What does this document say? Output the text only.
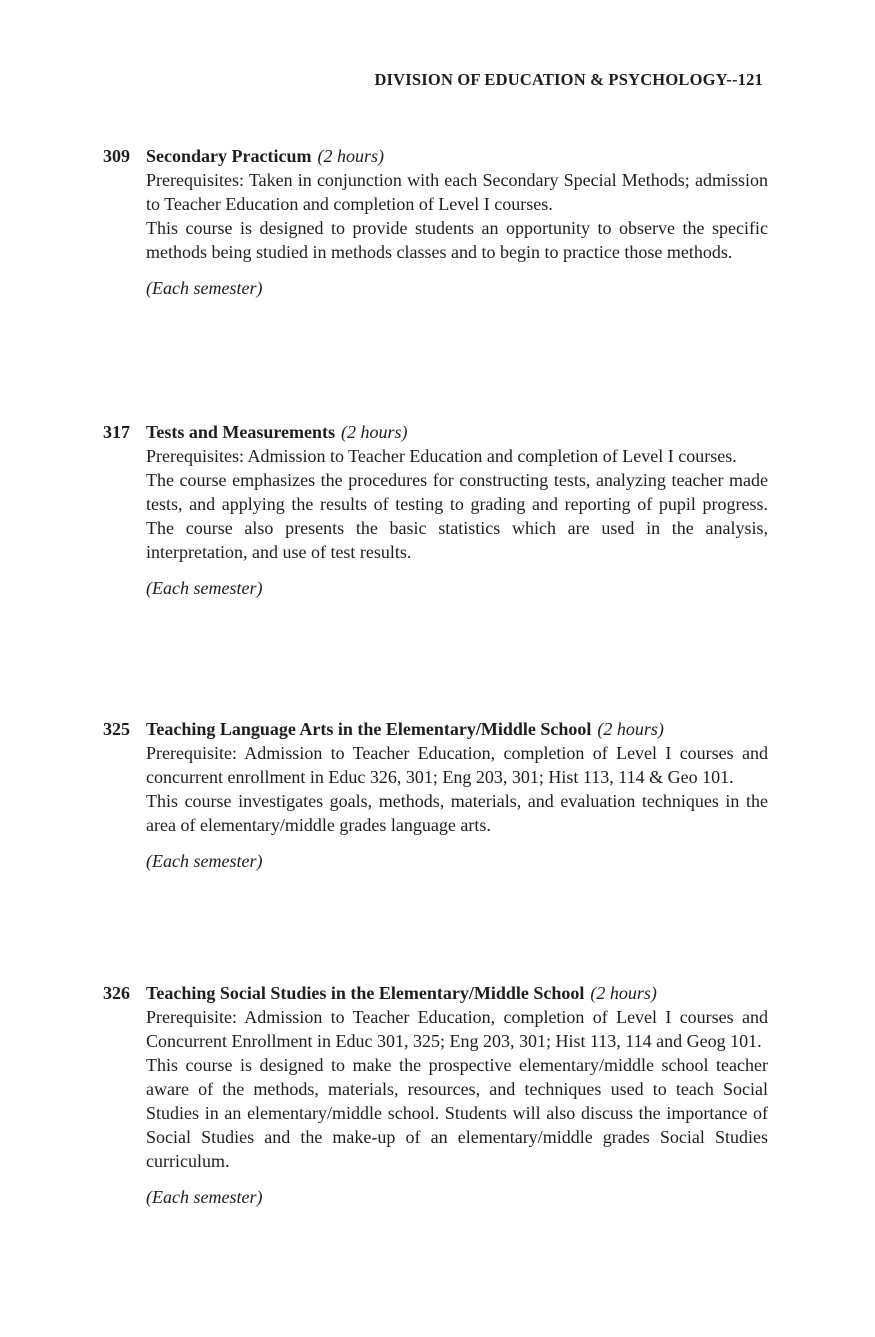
DIVISION OF EDUCATION & PSYCHOLOGY--121
309 Secondary Practicum (2 hours)

Prerequisites: Taken in conjunction with each Secondary Special Methods; admission to Teacher Education and completion of Level I courses.

This course is designed to provide students an opportunity to observe the specific methods being studied in methods classes and to begin to practice those methods.

(Each semester)
317 Tests and Measurements (2 hours)

Prerequisites: Admission to Teacher Education and completion of Level I courses.

The course emphasizes the procedures for constructing tests, analyzing teacher made tests, and applying the results of testing to grading and reporting of pupil progress. The course also presents the basic statistics which are used in the analysis, interpretation, and use of test results.

(Each semester)
325 Teaching Language Arts in the Elementary/Middle School (2 hours)

Prerequisite: Admission to Teacher Education, completion of Level I courses and concurrent enrollment in Educ 326, 301; Eng 203, 301; Hist 113, 114 & Geo 101.

This course investigates goals, methods, materials, and evaluation techniques in the area of elementary/middle grades language arts.

(Each semester)
326 Teaching Social Studies in the Elementary/Middle School (2 hours)

Prerequisite: Admission to Teacher Education, completion of Level I courses and Concurrent Enrollment in Educ 301, 325; Eng 203, 301; Hist 113, 114 and Geog 101.

This course is designed to make the prospective elementary/middle school teacher aware of the methods, materials, resources, and techniques used to teach Social Studies in an elementary/middle school. Students will also discuss the importance of Social Studies and the make-up of an elementary/middle grades Social Studies curriculum.

(Each semester)
